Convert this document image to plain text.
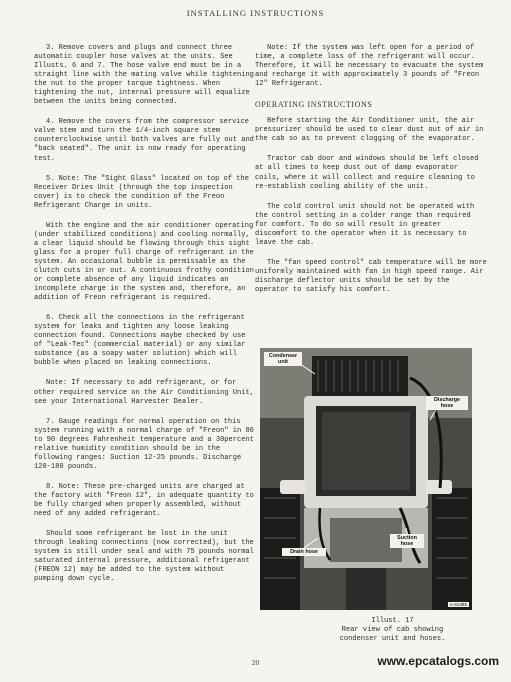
INSTALLING INSTRUCTIONS

3. Remove covers and plugs and connect three automatic coupler hose valves at the units. See Illusts. 6 and 7. The hose valve end must be in a straight line with the mating valve while tightening the nut to the proper torque tightness. When tightening the nut, internal pressure will equalize between the units being connected.

4. Remove the covers from the compressor service valve stem and turn the 1/4-inch square stem counterclockwise until both valves are fully out and "back seated". The unit is now ready for operating test.

5. Note: The "Sight Glass" located on top of the Receiver Dries Unit (through the top inspection cover) is to check the condition of the Freon Refrigerant Charge in units.

With the engine and the air conditioner operating (under stabilized conditions) and cooling normally, a clear liquid should be flowing through this sight glass for a proper full charge of refrigerant in the system. An occasional bubble is permissable as the clutch cuts in or out. A continuous frothy condition or complete absence of any liquid indicates an incomplete charge in the system and, therefore, an addition of Freon refrigerant is required.

6. Check all the connections in the refrigerant system for leaks and tighten any loose leaking connection found. Connections maybe checked by use of "Leak-Tec" (commercial material) or any similar substance (as a soapy water solution) which will bubble when placed on leaking connections.

Note: If necessary to add refrigerant, or for other required service on the Air Conditioning Unit, see your International Harvester Dealer.

7. Gauge readings for normal operation on this system running with a normal charge of "Freon" in 80 to 90 degrees Fahrenheit temperature and a 30percent relative humidity condition should be in the following ranges: Suction 12-25 pounds. Discharge 120-180 pounds.

8. Note: These pre-charged units are charged at the factory with "Freon 12", in adequate quantity to be fully charged when properly assembled, without need of any added refrigerant.

Should some refrigerant be lost in the unit through leaking connections (now corrected), but the system is still under seal and with 75 pounds normal saturated internal pressure, additional refrigerant (FREON 12) may be added to the system without pumping down cycle.

Note: If the system was left open for a period of time, a complete loss of the refrigerant will occur. Therefore, it will be necessary to evacuate the system and recharge it with approximately 3 pounds of "Freon 12" Refrigerant.

OPERATING INSTRUCTIONS

Before starting the Air Conditioner unit, the air pressurizer should be used to clear dust out of air in the cab so as to prevent clogging of the evaporator.

Tractor cab door and windows should be left closed at all times to keep dust out of damp evaporator coils, where it will collect and require cleaning to re-establish cooling ability of the unit.

The cold control unit should not be operated with the control setting in a colder range than required for comfort. To do so will result in greater discomfort to the operator when it is necessary to leave the cab.

The "fan speed control" cab temperature will be more uniformly maintained with fan in high speed range. Air discharge deflector units should be set by the operator to satisfy his comfort.

Condenser unit
Discharge hose
Suction hose
Drain hose
A-91385
Illust. 17
Rear view of cab showing
condenser unit and hoses.
20	www.epcatalogs.com
